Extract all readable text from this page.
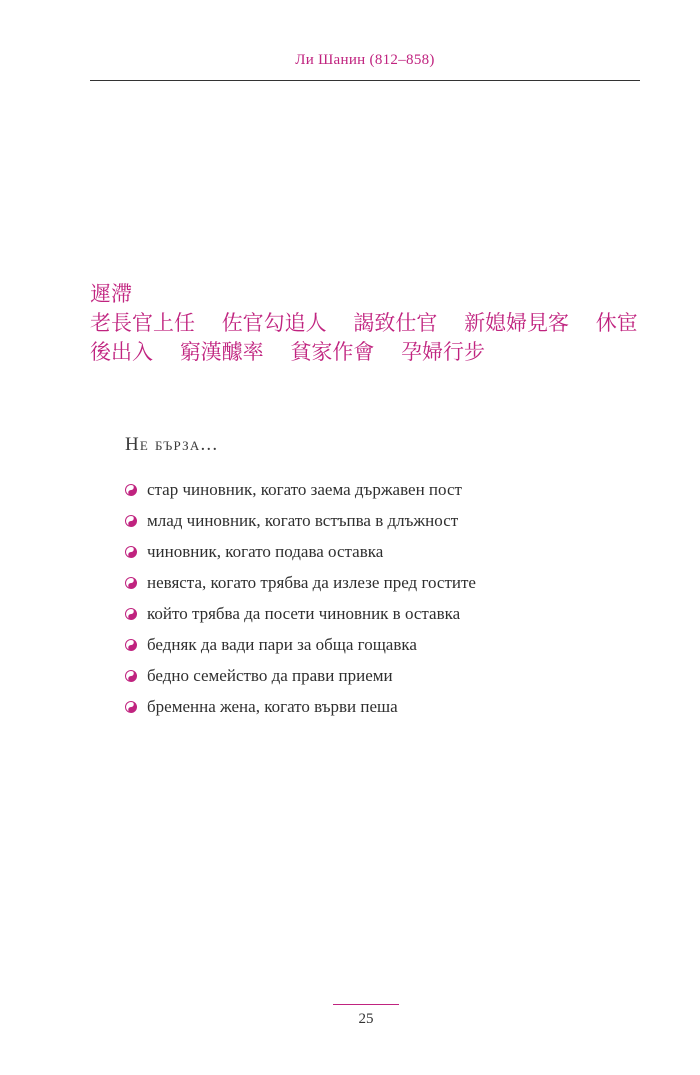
Ли Шанин (812–858)
遲滯
老長官上任 佐官勾追人 謁致仕官 新媳婦見客 休宦
後出入 窮漢醵率 貧家作會 孕婦行步
Не бърза...
стар чиновник, когато заема държавен пост
млад чиновник, когато встъпва в длъжност
чиновник, когато подава оставка
невяста, когато трябва да излезе пред гостите
който трябва да посети чиновник в оставка
бедняк да вади пари за обща гощавка
бедно семейство да прави приеми
бременна жена, когато върви пеша
25
